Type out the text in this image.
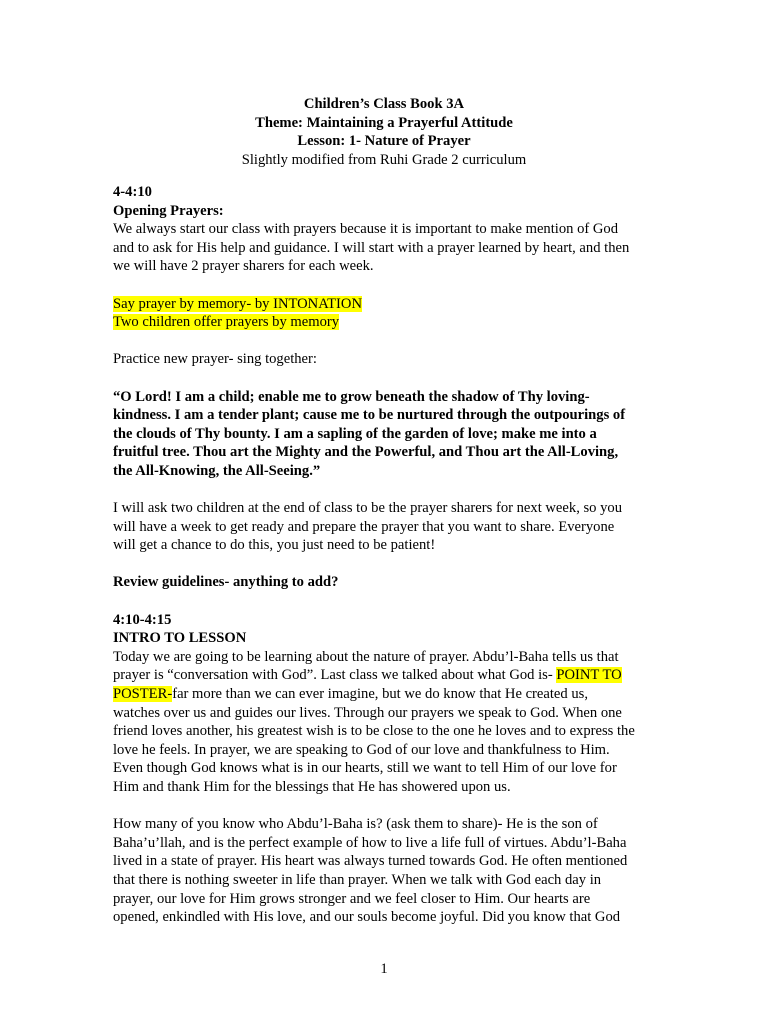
Children’s Class Book 3A
Theme: Maintaining a Prayerful Attitude
Lesson: 1- Nature of Prayer
Slightly modified from Ruhi Grade 2 curriculum
4-4:10
Opening Prayers:
We always start our class with prayers because it is important to make mention of God
and to ask for His help and guidance. I will start with a prayer learned by heart, and then
we will have 2 prayer sharers for each week.
Say prayer by memory- by INTONATION
Two children offer prayers by memory
Practice new prayer- sing together:
“O Lord! I am a child; enable me to grow beneath the shadow of Thy loving-
kindness. I am a tender plant; cause me to be nurtured through the outpourings of
the clouds of Thy bounty. I am a sapling of the garden of love; make me into a
fruitful tree. Thou art the Mighty and the Powerful, and Thou art the All-Loving,
the All-Knowing, the All-Seeing.”
I will ask two children at the end of class to be the prayer sharers for next week, so you
will have a week to get ready and prepare the prayer that you want to share. Everyone
will get a chance to do this, you just need to be patient!
Review guidelines- anything to add?
4:10-4:15
INTRO TO LESSON
Today we are going to be learning about the nature of prayer. Abdu’l-Baha tells us that
prayer is “conversation with God”. Last class we talked about what God is- POINT TO
POSTER-far more than we can ever imagine, but we do know that He created us,
watches over us and guides our lives. Through our prayers we speak to God. When one
friend loves another, his greatest wish is to be close to the one he loves and to express the
love he feels. In prayer, we are speaking to God of our love and thankfulness to Him.
Even though God knows what is in our hearts, still we want to tell Him of our love for
Him and thank Him for the blessings that He has showered upon us.
How many of you know who Abdu’l-Baha is? (ask them to share)- He is the son of
Baha’u’llah, and is the perfect example of how to live a life full of virtues. Abdu’l-Baha
lived in a state of prayer. His heart was always turned towards God. He often mentioned
that there is nothing sweeter in life than prayer. When we talk with God each day in
prayer, our love for Him grows stronger and we feel closer to Him. Our hearts are
opened, enkindled with His love, and our souls become joyful. Did you know that God
1
